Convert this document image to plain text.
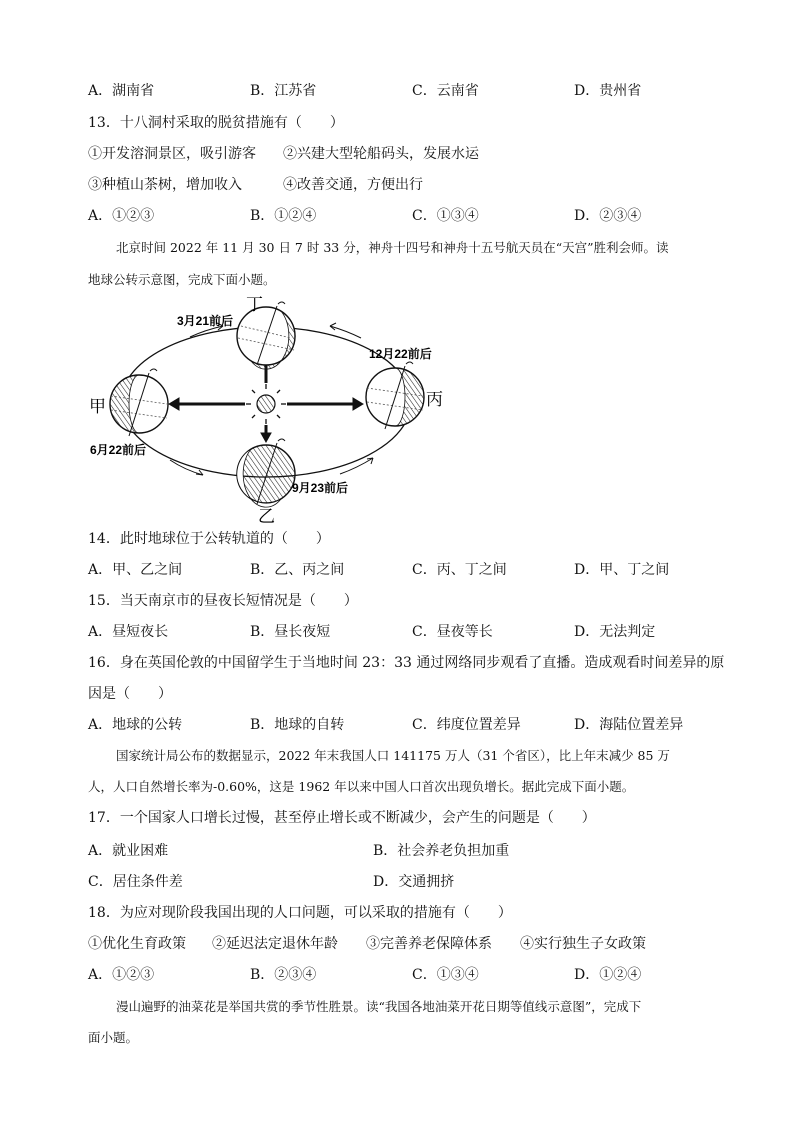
A．湖南省	B．江苏省	C．云南省	D．贵州省
13．十八洞村采取的脱贫措施有（　　）
①开发溶洞景区，吸引游客 ②兴建大型轮船码头，发展水运
③种植山茶树，增加收入	④改善交通，方便出行
A．①②③	B．①②④	C．①③④	D．②③④
北京时间 2022 年 11 月 30 日 7 时 33 分，神舟十四号和神舟十五号航天员在“天宫”胜利会师。读
地球公转示意图，完成下面小题。
丁
甲	丙
乙
3月21前后
12月22前后
6月22前后
9月23前后
14．此时地球位于公转轨道的（　　）
A．甲、乙之间	B．乙、丙之间	C．丙、丁之间	D．甲、丁之间
15．当天南京市的昼夜长短情况是（　　）
A．昼短夜长	B．昼长夜短	C．昼夜等长	D．无法判定
16．身在英国伦敦的中国留学生于当地时间 23：33 通过网络同步观看了直播。造成观看时间差异的原
因是（　　）
A．地球的公转	B．地球的自转	C．纬度位置差异	D．海陆位置差异
国家统计局公布的数据显示，2022 年末我国人口 141175 万人（31 个省区），比上年末减少 85 万
人，人口自然增长率为-0.60%，这是 1962 年以来中国人口首次出现负增长。据此完成下面小题。
17．一个国家人口增长过慢，甚至停止增长或不断减少，会产生的问题是（　　）
A．就业困难	B．社会养老负担加重
C．居住条件差	D．交通拥挤
18．为应对现阶段我国出现的人口问题，可以采取的措施有（　　）
①优化生育政策 ②延迟法定退休年龄 ③完善养老保障体系 ④实行独生子女政策
A．①②③	B．②③④	C．①③④	D．①②④
漫山遍野的油菜花是举国共赏的季节性胜景。读“我国各地油菜开花日期等值线示意图”，完成下
面小题。
